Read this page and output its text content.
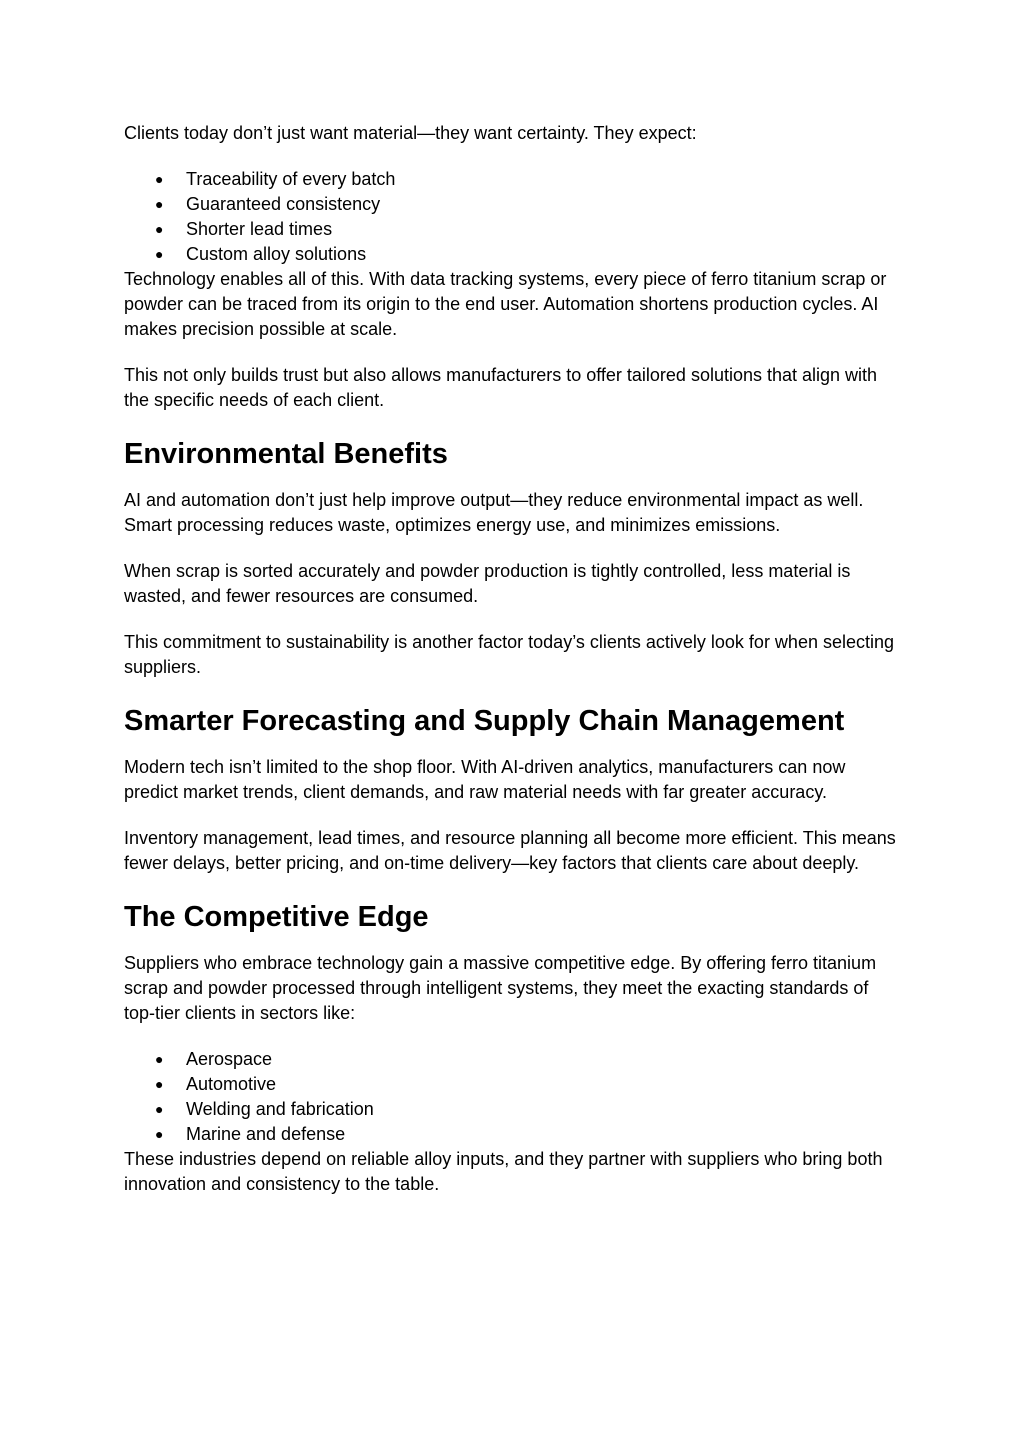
Clients today don’t just want material—they want certainty. They expect:

● Traceability of every batch
● Guaranteed consistency
● Shorter lead times
● Custom alloy solutions

Technology enables all of this. With data tracking systems, every piece of ferro titanium scrap or powder can be traced from its origin to the end user. Automation shortens production cycles. AI makes precision possible at scale.

This not only builds trust but also allows manufacturers to offer tailored solutions that align with the specific needs of each client.

Environmental Benefits

AI and automation don’t just help improve output—they reduce environmental impact as well. Smart processing reduces waste, optimizes energy use, and minimizes emissions.

When scrap is sorted accurately and powder production is tightly controlled, less material is wasted, and fewer resources are consumed.

This commitment to sustainability is another factor today’s clients actively look for when selecting suppliers.

Smarter Forecasting and Supply Chain Management

Modern tech isn’t limited to the shop floor. With AI-driven analytics, manufacturers can now predict market trends, client demands, and raw material needs with far greater accuracy.

Inventory management, lead times, and resource planning all become more efficient. This means fewer delays, better pricing, and on-time delivery—key factors that clients care about deeply.

The Competitive Edge

Suppliers who embrace technology gain a massive competitive edge. By offering ferro titanium scrap and powder processed through intelligent systems, they meet the exacting standards of top-tier clients in sectors like:

● Aerospace
● Automotive
● Welding and fabrication
● Marine and defense

These industries depend on reliable alloy inputs, and they partner with suppliers who bring both innovation and consistency to the table.
